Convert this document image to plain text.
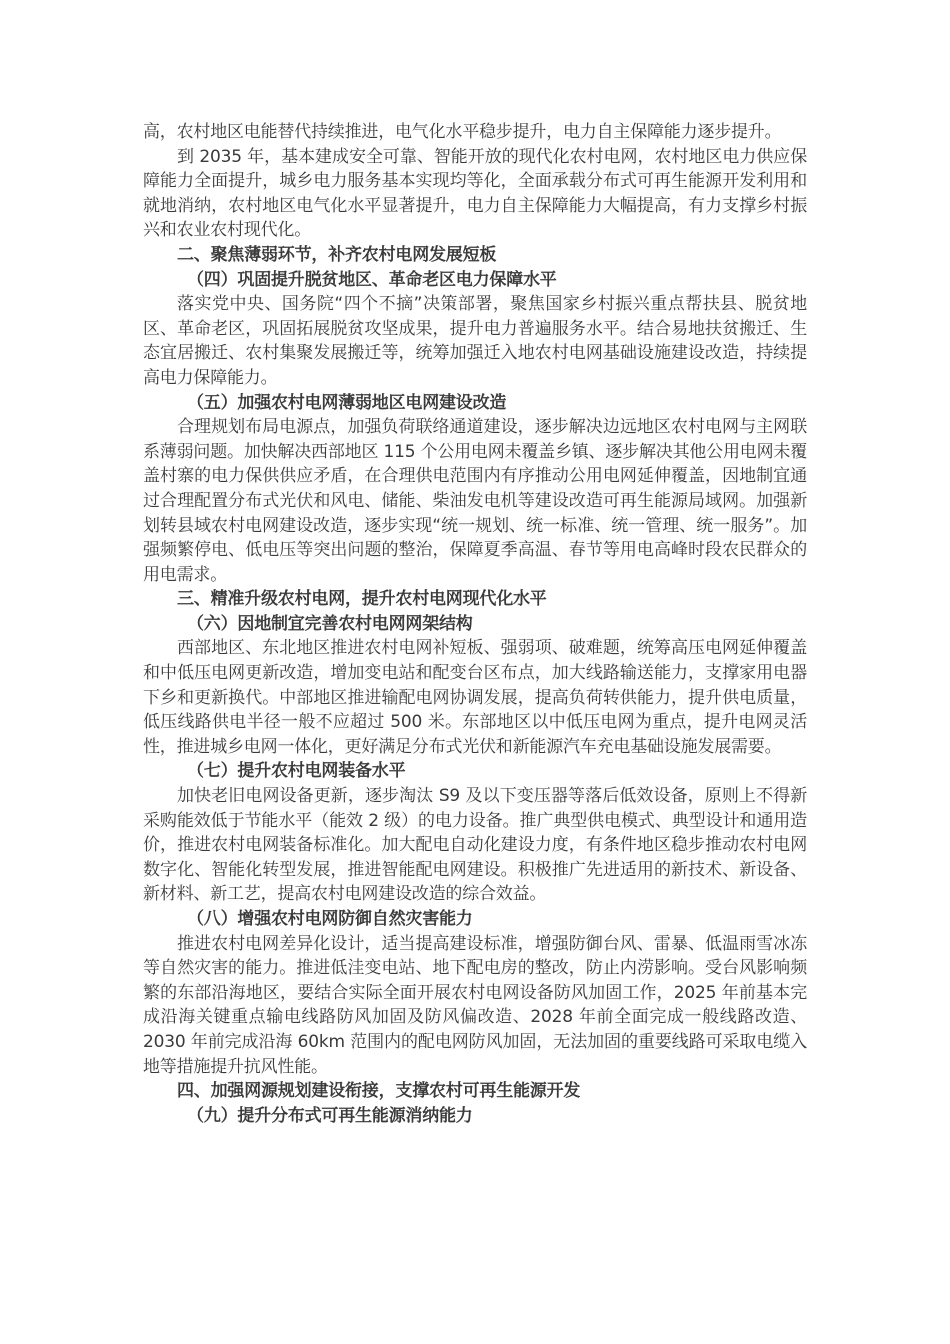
高，农村地区电能替代持续推进，电气化水平稳步提升，电力自主保障能力逐步提升。

到 2035 年，基本建成安全可靠、智能开放的现代化农村电网，农村地区电力供应保障能力全面提升，城乡电力服务基本实现均等化，全面承载分布式可再生能源开发利用和就地消纳，农村地区电气化水平显著提升，电力自主保障能力大幅提高，有力支撑乡村振兴和农业农村现代化。

二、聚焦薄弱环节，补齐农村电网发展短板

（四）巩固提升脱贫地区、革命老区电力保障水平

落实党中央、国务院“四个不摘”决策部署，聚焦国家乡村振兴重点帮扶县、脱贫地区、革命老区，巩固拓展脱贫攻坚成果，提升电力普遍服务水平。结合易地扶贫搬迁、生态宜居搬迁、农村集聚发展搬迁等，统筹加强迁入地农村电网基础设施建设改造，持续提高电力保障能力。

（五）加强农村电网薄弱地区电网建设改造

合理规划布局电源点，加强负荷联络通道建设，逐步解决边远地区农村电网与主网联系薄弱问题。加快解决西部地区 115 个公用电网未覆盖乡镇、逐步解决其他公用电网未覆盖村寨的电力保供供应矛盾，在合理供电范围内有序推动公用电网延伸覆盖，因地制宜通过合理配置分布式光伏和风电、储能、柴油发电机等建设改造可再生能源局域网。加强新划转县域农村电网建设改造，逐步实现“统一规划、统一标准、统一管理、统一服务”。加强频繁停电、低电压等突出问题的整治，保障夏季高温、春节等用电高峰时段农民群众的用电需求。

三、精准升级农村电网，提升农村电网现代化水平

（六）因地制宜完善农村电网网架结构

西部地区、东北地区推进农村电网补短板、强弱项、破难题，统筹高压电网延伸覆盖和中低压电网更新改造，增加变电站和配变台区布点，加大线路输送能力，支撑家用电器下乡和更新换代。中部地区推进输配电网协调发展，提高负荷转供能力，提升供电质量，低压线路供电半径一般不应超过 500 米。东部地区以中低压电网为重点，提升电网灵活性，推进城乡电网一体化，更好满足分布式光伏和新能源汽车充电基础设施发展需要。

（七）提升农村电网装备水平

加快老旧电网设备更新，逐步淘汰 S9 及以下变压器等落后低效设备，原则上不得新采购能效低于节能水平（能效 2 级）的电力设备。推广典型供电模式、典型设计和通用造价，推进农村电网装备标准化。加大配电自动化建设力度，有条件地区稳步推动农村电网数字化、智能化转型发展，推进智能配电网建设。积极推广先进适用的新技术、新设备、新材料、新工艺，提高农村电网建设改造的综合效益。

（八）增强农村电网防御自然灾害能力

推进农村电网差异化设计，适当提高建设标准，增强防御台风、雷暴、低温雨雪冰冻等自然灾害的能力。推进低洼变电站、地下配电房的整改，防止内涝影响。受台风影响频繁的东部沿海地区，要结合实际全面开展农村电网设备防风加固工作，2025 年前基本完成沿海关键重点输电线路防风加固及防风偏改造、2028 年前全面完成一般线路改造、2030 年前完成沿海 60km 范围内的配电网防风加固，无法加固的重要线路可采取电缆入地等措施提升抗风性能。

四、加强网源规划建设衔接，支撑农村可再生能源开发

（九）提升分布式可再生能源消纳能力
